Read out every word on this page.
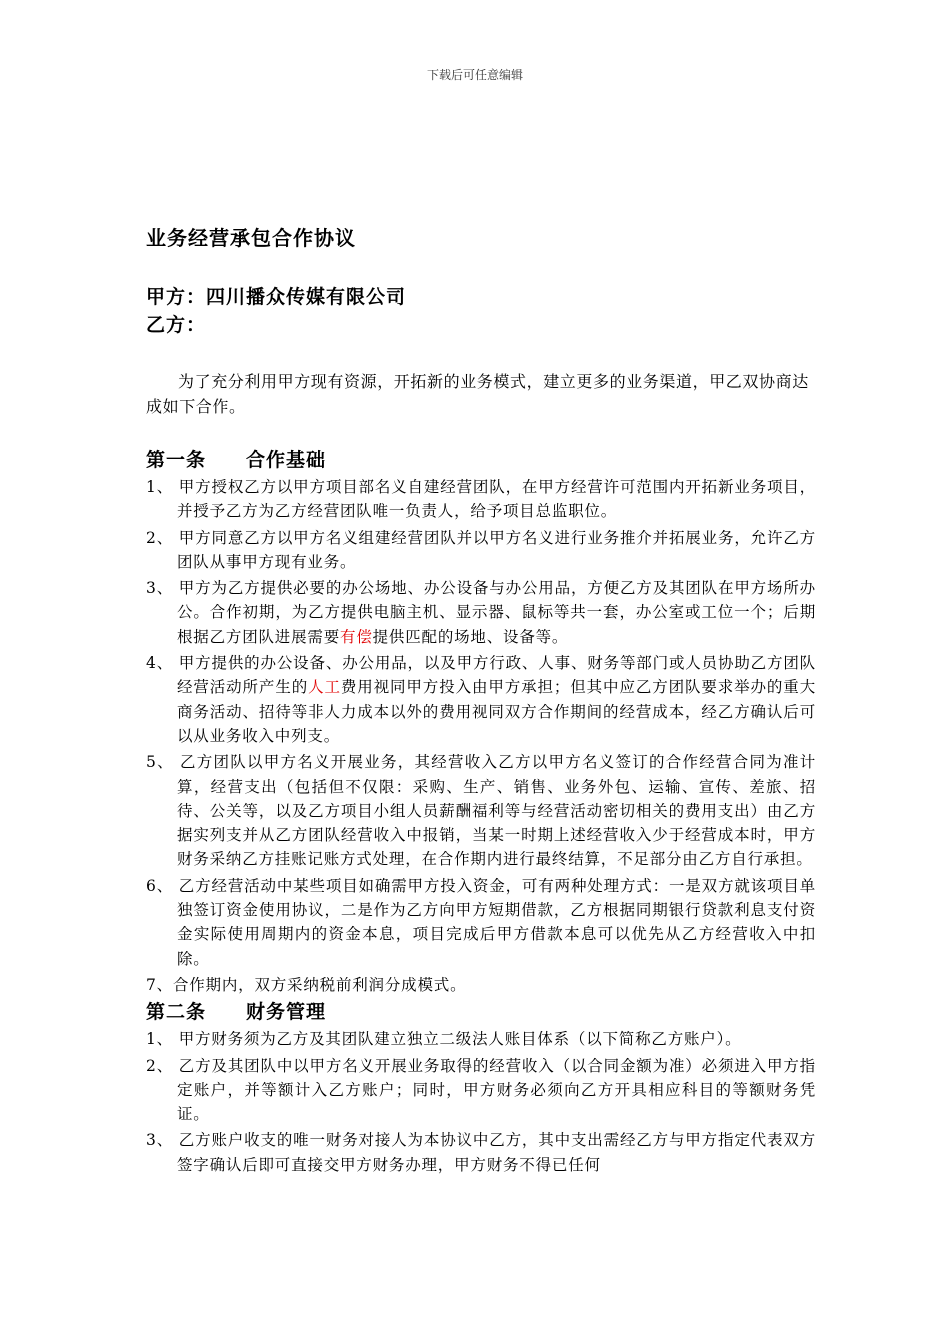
下载后可任意编辑
业务经营承包合作协议

甲方：四川播众传媒有限公司

乙方：

为了充分利用甲方现有资源，开拓新的业务模式，建立更多的业务渠道，甲乙双协商达成如下合作。

第一条 合作基础

1、 甲方授权乙方以甲方项目部名义自建经营团队，在甲方经营许可范围内开拓新业务项目，并授予乙方为乙方经营团队唯一负责人，给予项目总监职位。

2、 甲方同意乙方以甲方名义组建经营团队并以甲方名义进行业务推介并拓展业务，允许乙方团队从事甲方现有业务。

3、 甲方为乙方提供必要的办公场地、办公设备与办公用品，方便乙方及其团队在甲方场所办公。合作初期，为乙方提供电脑主机、显示器、鼠标等共一套，办公室或工位一个；后期根据乙方团队进展需要有偿提供匹配的场地、设备等。

4、 甲方提供的办公设备、办公用品，以及甲方行政、人事、财务等部门或人员协助乙方团队经营活动所产生的人工费用视同甲方投入由甲方承担；但其中应乙方团队要求举办的重大商务活动、招待等非人力成本以外的费用视同双方合作期间的经营成本，经乙方确认后可以从业务收入中列支。

5、 乙方团队以甲方名义开展业务，其经营收入乙方以甲方名义签订的合作经营合同为准计算，经营支出（包括但不仅限：采购、生产、销售、业务外包、运输、宣传、差旅、招待、公关等，以及乙方项目小组人员薪酬福利等与经营活动密切相关的费用支出）由乙方据实列支并从乙方团队经营收入中报销，当某一时期上述经营收入少于经营成本时，甲方财务采纳乙方挂账记账方式处理，在合作期内进行最终结算，不足部分由乙方自行承担。

6、 乙方经营活动中某些项目如确需甲方投入资金，可有两种处理方式：一是双方就该项目单独签订资金使用协议，二是作为乙方向甲方短期借款，乙方根据同期银行贷款利息支付资金实际使用周期内的资金本息，项目完成后甲方借款本息可以优先从乙方经营收入中扣除。

7、合作期内，双方采纳税前利润分成模式。

第二条 财务管理

1、 甲方财务须为乙方及其团队建立独立二级法人账目体系（以下简称乙方账户）。

2、 乙方及其团队中以甲方名义开展业务取得的经营收入（以合同金额为准）必须进入甲方指定账户，并等额计入乙方账户；同时，甲方财务必须向乙方开具相应科目的等额财务凭证。

3、 乙方账户收支的唯一财务对接人为本协议中乙方，其中支出需经乙方与甲方指定代表双方签字确认后即可直接交甲方财务办理，甲方财务不得已任何
